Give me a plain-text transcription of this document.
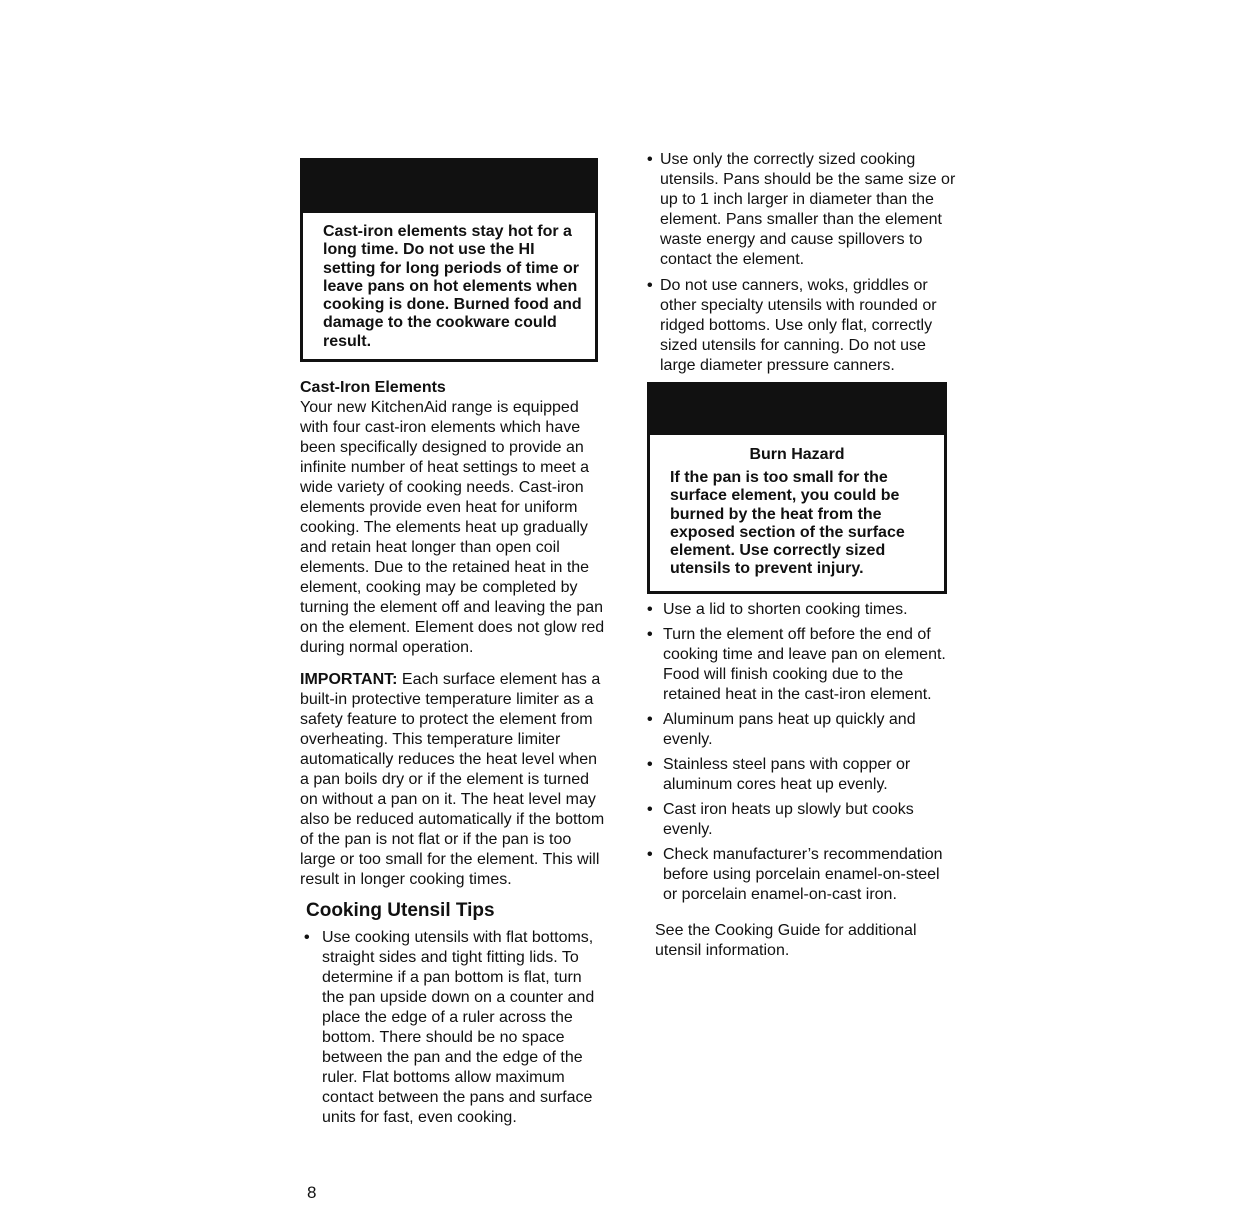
Cast-iron elements stay hot for a long time. Do not use the HI setting for long periods of time or leave pans on hot elements when cooking is done. Burned food and damage to the cookware could result.
Cast-Iron Elements

Your new KitchenAid range is equipped with four cast-iron elements which have been specifically designed to provide an infinite number of heat settings to meet a wide variety of cooking needs. Cast-iron elements provide even heat for uniform cooking. The elements heat up gradually and retain heat longer than open coil elements. Due to the retained heat in the element, cooking may be completed by turning the element off and leaving the pan on the element. Element does not glow red during normal operation.

IMPORTANT: Each surface element has a built-in protective temperature limiter as a safety feature to protect the element from overheating. This temperature limiter automatically reduces the heat level when a pan boils dry or if the element is turned on without a pan on it. The heat level may also be reduced automatically if the bottom of the pan is not flat or if the pan is too large or too small for the element. This will result in longer cooking times.

Cooking Utensil Tips
• Use cooking utensils with flat bottoms, straight sides and tight fitting lids. To determine if a pan bottom is flat, turn the pan upside down on a counter and place the edge of a ruler across the bottom. There should be no space between the pan and the edge of the ruler. Flat bottoms allow maximum contact between the pans and surface units for fast, even cooking.
• Use only the correctly sized cooking utensils. Pans should be the same size or up to 1 inch larger in diameter than the element. Pans smaller than the element waste energy and cause spillovers to contact the element.
• Do not use canners, woks, griddles or other specialty utensils with rounded or ridged bottoms. Use only flat, correctly sized utensils for canning. Do not use large diameter pressure canners.
Burn Hazard
If the pan is too small for the surface element, you could be burned by the heat from the exposed section of the surface element. Use correctly sized utensils to prevent injury.
• Use a lid to shorten cooking times.
• Turn the element off before the end of cooking time and leave pan on element. Food will finish cooking due to the retained heat in the cast-iron element.
• Aluminum pans heat up quickly and evenly.
• Stainless steel pans with copper or aluminum cores heat up evenly.
• Cast iron heats up slowly but cooks evenly.
• Check manufacturer’s recommendation before using porcelain enamel-on-steel or porcelain enamel-on-cast iron.

See the Cooking Guide for additional utensil information.

8
